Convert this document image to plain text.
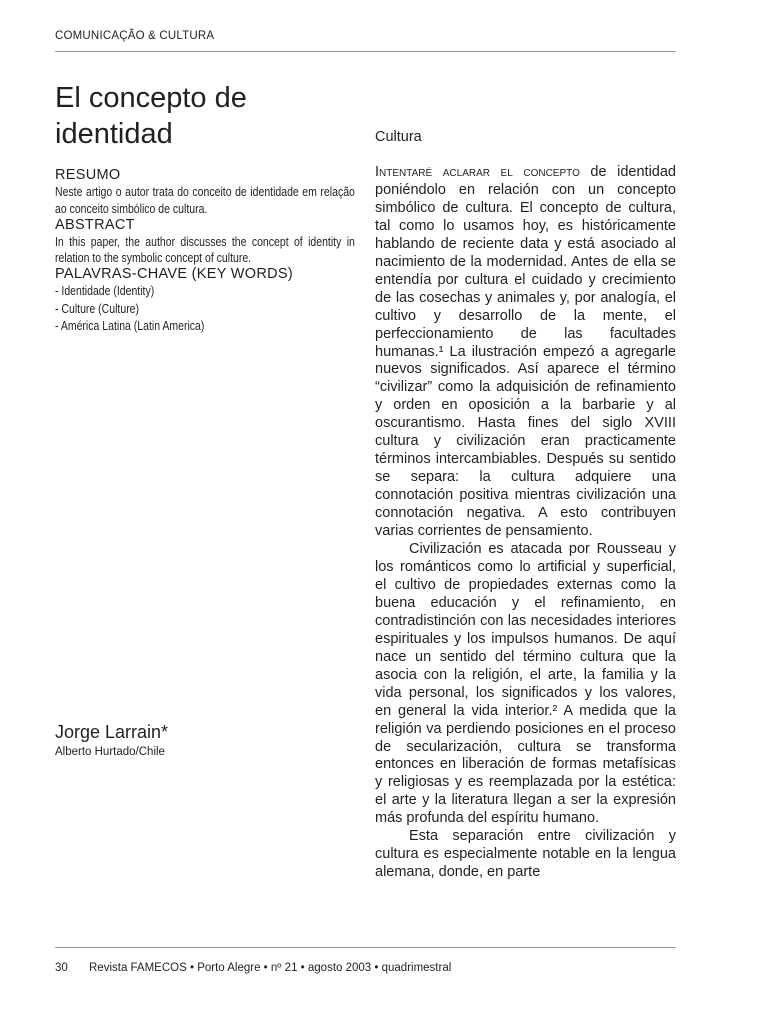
COMUNICAÇÃO & CULTURA
El concepto de
identidad
RESUMO

Neste artigo o autor trata do conceito de identidade em relação ao conceito simbólico de cultura.

ABSTRACT

In this paper, the author discusses the concept of identity in relation to the symbolic concept of culture.

PALAVRAS-CHAVE (KEY WORDS)
- Identidade (Identity)
- Culture (Culture)
- América Latina (Latin America)
Jorge Larrain*

Alberto Hurtado/Chile

Cultura

Intentaré aclarar el concepto de identidad poniéndolo en relación con un concepto simbólico de cultura. El concepto de cultura, tal como lo usamos hoy, es históricamente hablando de reciente data y está asociado al nacimiento de la modernidad. Antes de ella se entendía por cultura el cuidado y crecimiento de las cosechas y animales y, por analogía, el cultivo y desarrollo de la mente, el perfeccionamiento de las facultades humanas.¹ La ilustración empezó a agregarle nuevos significados. Así aparece el término “civilizar” como la adquisición de refinamiento y orden en oposición a la barbarie y al oscurantismo. Hasta fines del siglo XVIII cultura y civilización eran practicamente términos intercambiables. Después su sentido se separa: la cultura adquiere una connotación positiva mientras civilización una connotación negativa. A esto contribuyen varias corrientes de pensamiento.

Civilización es atacada por Rousseau y los románticos como lo artificial y superficial, el cultivo de propiedades externas como la buena educación y el refinamiento, en contradistinción con las necesidades interiores espirituales y los impulsos humanos. De aquí nace un sentido del término cultura que la asocia con la religión, el arte, la familia y la vida personal, los significados y los valores, en general la vida interior.² A medida que la religión va perdiendo posiciones en el proceso de secularización, cultura se transforma entonces en liberación de formas metafísicas y religiosas y es reemplazada por la estética: el arte y la literatura llegan a ser la expresión más profunda del espíritu humano.

Esta separación entre civilización y cultura es especialmente notable en la lengua alemana, donde, en parte

30 Revista FAMECOS • Porto Alegre • nº 21 • agosto 2003 • quadrimestral
